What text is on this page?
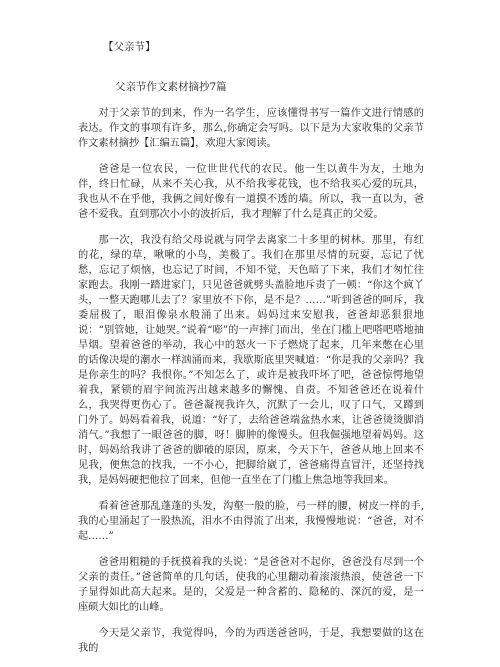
【父亲节】
父亲节作文素材摘抄7篇

对于父亲节的到来，作为一名学生，应该懂得书写一篇作文进行情感的表达。作文的事项有许多，那么,你确定会写吗。以下是为大家收集的父亲节作文素材摘抄【汇编五篇】，欢迎大家阅读。

爸爸是一位农民，一位世世代代的农民。他一生以黄牛为友，土地为伴，终日忙碌，从来不关心我，从不给我零花钱，也不给我买心爱的玩具，我也从不在乎他，我俩之间好像有一道摸不透的墙。所以，我一直以为，爸爸不爱我。直到那次小小的波折后，我才理解了什么是真正的父爱。

那一次，我没有给父母说就与同学去离家二十多里的树林。那里，有红的花，绿的草，啾啾的小鸟，美极了。我们在那里尽情的玩耍，忘记了忧愁，忘记了烦恼，也忘记了时间，不知不觉，天色暗了下来，我们才匆忙往家跑去。我刚一踏进家门，只见爸爸就劈头盖脸地斥责了一顿：“你这个疯丫头，一整天跑哪儿去了？家里放不下你，是不是？……”听到爸爸的呵斥，我委屈极了，眼泪像泉水般涌了出来。妈妈过来安慰我，爸爸却恶狠狠地说：“别管她，让她哭。”说着“嘭”的一声摔门而出，坐在门槛上吧嗒吧嗒地抽旱烟。望着爸爸的举动，我心中的怒火一下子燃烧了起来，几年来憋在心里的话像决堤的潮水一样汹涌而来，我歇斯底里哭喊道：“你是我的父亲吗？我是你亲生的吗？我恨你。”不知怎么了，或许是被我吓坏了吧，爸爸惊愕地望着我，紧锁的眉宇间流泻出越来越多的懈愧、自责。不知爸爸还在说着什么，我哭得更伤心了。爸爸凝视我许久，沉默了一会儿，叹了口气，又蹲到门外了。妈妈看着我，说道：“好了，去给爸爸端盆热水来，让爸爸烫烫脚消消气。”我想了一眼爸爸的脚，呀！脚肿的像馒头。但我倔强地望着妈妈。这时，妈妈给我讲了爸爸的脚破的原因，原来，今天下午，爸爸从地上回来不见我，便焦急的找我，一不小心，把脚给崴了，爸爸痛得直冒汗，还坚持找我，是妈妈硬把他拉了回来，但他一直坐在了门槛上焦急地等我回来。

看着爸爸那乱蓬蓬的头发，沟壑一般的脸，弓一样的腰，树皮一样的手,我的心里涌起了一股热流，泪水不由得流了出来，我慢慢地说：“爸爸，对不起……”

爸爸用粗糙的手抚摸着我的头说：“是爸爸对不起你，爸爸没有尽到一个父亲的责任。”爸爸简单的几句话，使我的心里翻动着滚滚热浪，使爸爸一下子显得如此高大起来。是的，父爱是一种含蓄的、隐秘的、深沉的爱，是一座硕大如比的山峰。

今天是父亲节，我觉得吗，今的为西送爸爸吗，于是，我想要做的这在我的
